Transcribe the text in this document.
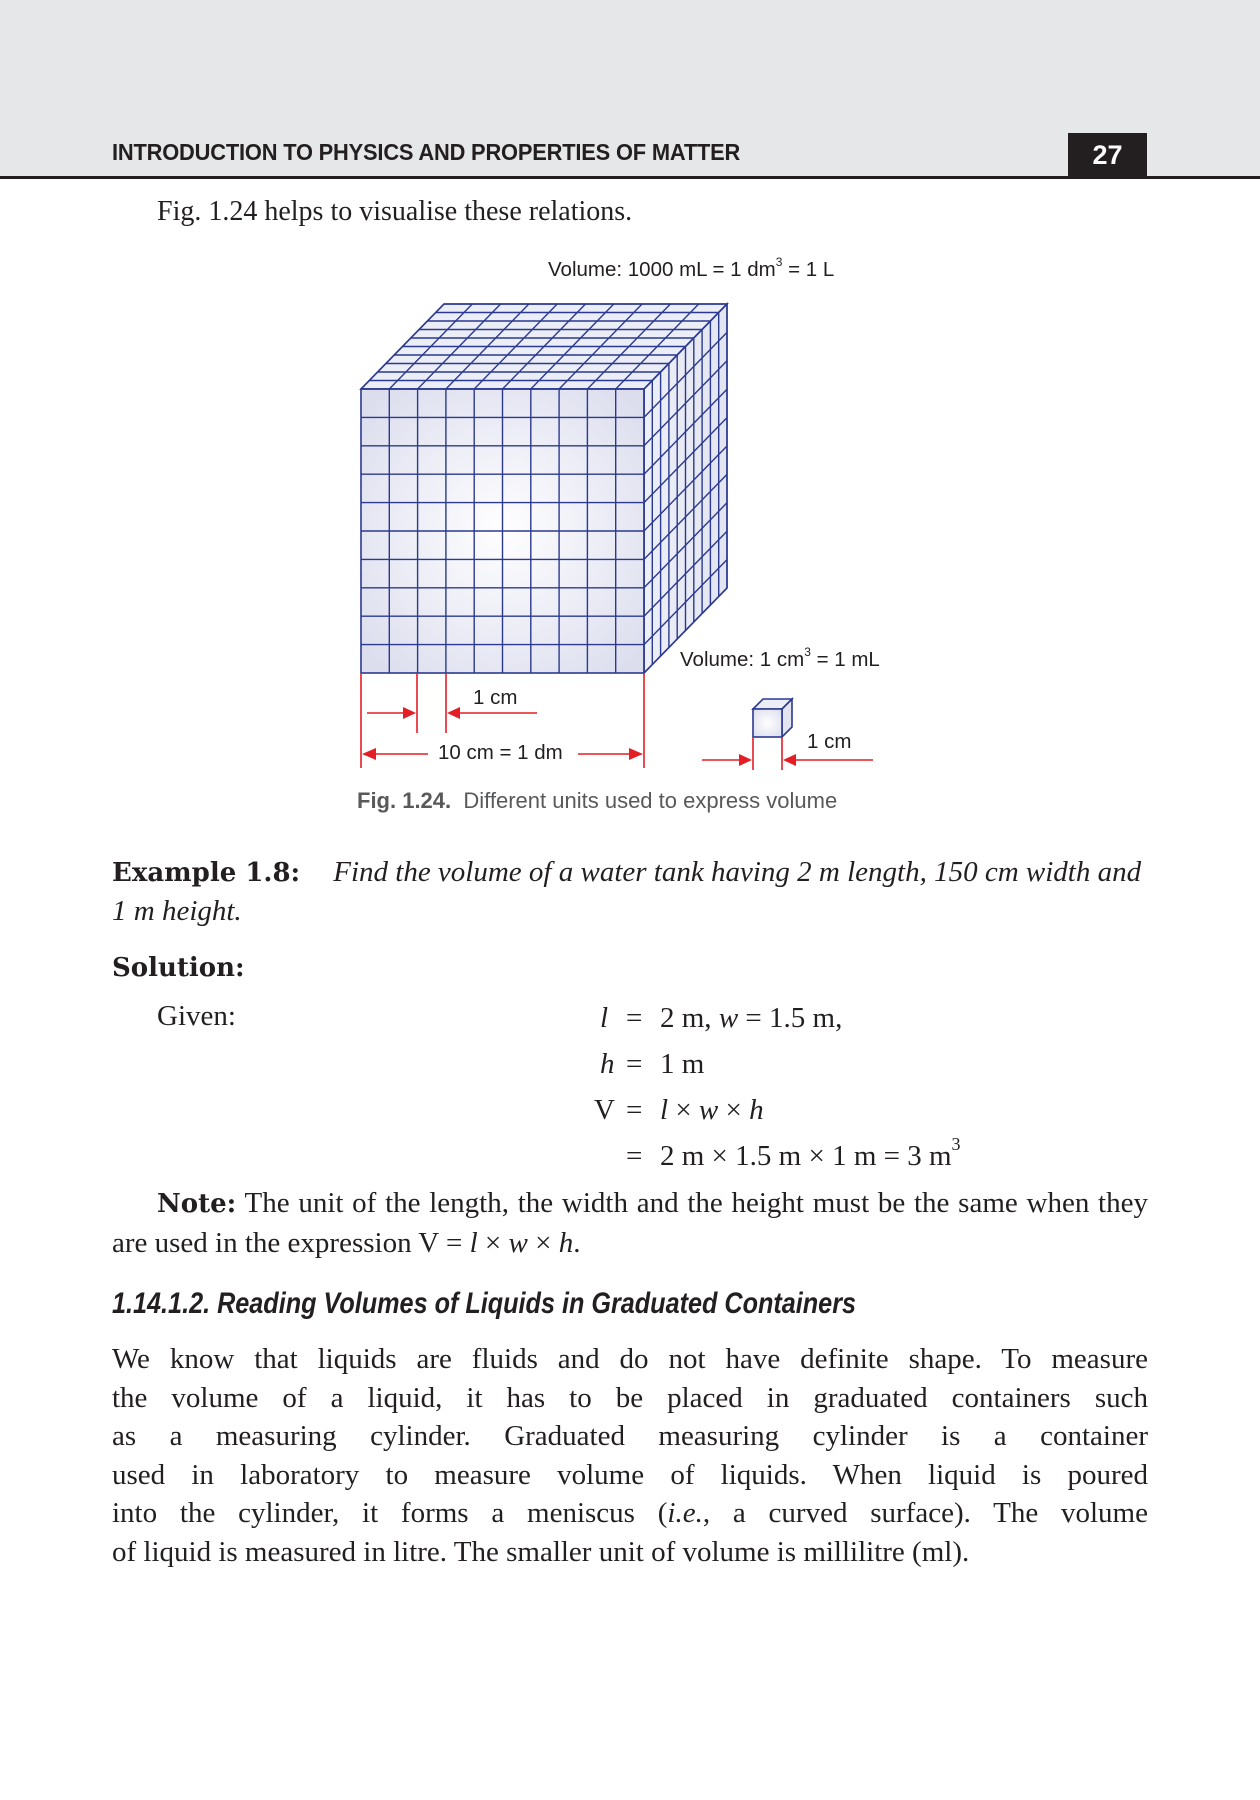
INTRODUCTION TO PHYSICS AND PROPERTIES OF MATTER	27
Fig. 1.24 helps to visualise these relations.
Volume: 1000 mL = 1 $dm^3 = 1$ L
Volume: 1 $cm^3 = 1$ mL
1 cm
10 cm = 1 dm	1 cm
Fig. 1.24. Different units used to express volume
Example 1.8: Find the volume of a water tank having 2 m length, 150 cm width and 1 m height.
Solution:
Given:	l = 2 m, w = 1.5 m,
h = 1 m
V = l × w × h
= 2 m × 1.5 m × 1 m = 3 $m^3$
Note: The unit of the length, the width and the height must be the same when they are used in the expression V = l × w × h.
1.14.1.2. Reading Volumes of Liquids in Graduated Containers
We know that liquids are fluids and do not have definite shape. To measure
the volume of a liquid, it has to be placed in graduated containers such
as a measuring cylinder. Graduated measuring cylinder is a container
used in laboratory to measure volume of liquids. When liquid is poured
into the cylinder, it forms a meniscus (i.e., a curved surface). The volume
of liquid is measured in litre. The smaller unit of volume is millilitre (ml).
